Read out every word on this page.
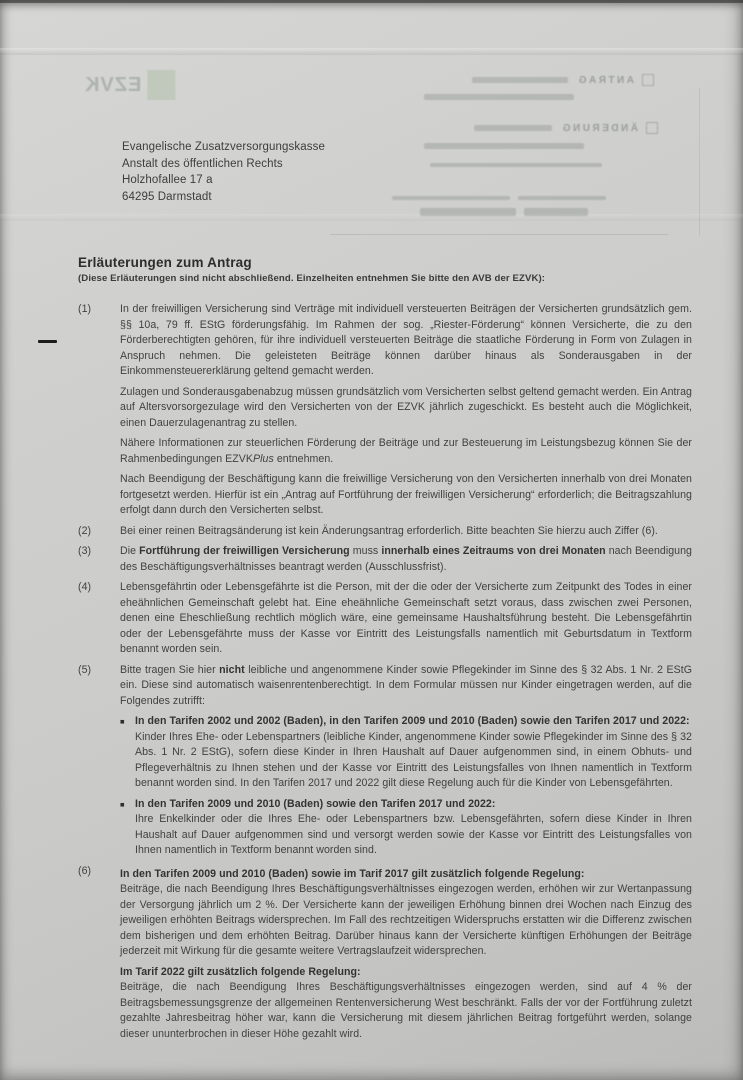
EZVK	ANTRAG
ÄNDERUNG
Evangelische Zusatzversorgungskasse
Anstalt des öffentlichen Rechts
Holzhofallee 17 a
64295 Darmstadt
Erläuterungen zum Antrag
(Diese Erläuterungen sind nicht abschließend. Einzelheiten entnehmen Sie bitte den AVB der EZVK):
(1)	In der freiwilligen Versicherung sind Verträge mit individuell versteuerten Beiträgen der Versicherten grundsätzlich gem. §§ 10a, 79 ff. EStG förderungsfähig. Im Rahmen der sog. „Riester-Förderung“ können Versicherte, die zu den Förderberechtigten gehören, für ihre individuell versteuerten Beiträge die staatliche Förderung in Form von Zulagen in Anspruch nehmen. Die geleisteten Beiträge können darüber hinaus als Sonderausgaben in der Einkommensteuererklärung geltend gemacht werden.

Zulagen und Sonderausgabenabzug müssen grundsätzlich vom Versicherten selbst geltend gemacht werden. Ein Antrag auf Altersvorsorgezulage wird den Versicherten von der EZVK jährlich zugeschickt. Es besteht auch die Möglichkeit, einen Dauerzulagenantrag zu stellen.

Nähere Informationen zur steuerlichen Förderung der Beiträge und zur Besteuerung im Leistungsbezug können Sie der Rahmenbedingungen EZVKPlus entnehmen.

Nach Beendigung der Beschäftigung kann die freiwillige Versicherung von den Versicherten innerhalb von drei Monaten fortgesetzt werden. Hierfür ist ein „Antrag auf Fortführung der freiwilligen Versicherung“ erforderlich; die Beitragszahlung erfolgt dann durch den Versicherten selbst.

(2)	Bei einer reinen Beitragsänderung ist kein Änderungsantrag erforderlich. Bitte beachten Sie hierzu auch Ziffer (6).

(3)	Die Fortführung der freiwilligen Versicherung muss innerhalb eines Zeitraums von drei Monaten nach Beendigung des Beschäftigungsverhältnisses beantragt werden (Ausschlussfrist).

(4)	Lebensgefährtin oder Lebensgefährte ist die Person, mit der die oder der Versicherte zum Zeitpunkt des Todes in einer eheähnlichen Gemeinschaft gelebt hat. Eine eheähnliche Gemeinschaft setzt voraus, dass zwischen zwei Personen, denen eine Eheschließung rechtlich möglich wäre, eine gemeinsame Haushaltsführung besteht. Die Lebensgefährtin oder der Lebensgefährte muss der Kasse vor Eintritt des Leistungsfalls namentlich mit Geburtsdatum in Textform benannt worden sein.

(5)	Bitte tragen Sie hier nicht leibliche und angenommene Kinder sowie Pflegekinder im Sinne des § 32 Abs. 1 Nr. 2 EStG ein. Diese sind automatisch waisenrentenberechtigt. In dem Formular müssen nur Kinder eingetragen werden, auf die Folgendes zutrifft:

■ In den Tarifen 2002 und 2002 (Baden), in den Tarifen 2009 und 2010 (Baden) sowie den Tarifen 2017 und 2022:

Kinder Ihres Ehe- oder Lebenspartners (leibliche Kinder, angenommene Kinder sowie Pflegekinder im Sinne des § 32 Abs. 1 Nr. 2 EStG), sofern diese Kinder in Ihren Haushalt auf Dauer aufgenommen sind, in einem Obhuts- und Pflegeverhältnis zu Ihnen stehen und der Kasse vor Eintritt des Leistungsfalles von Ihnen namentlich in Textform benannt worden sind. In den Tarifen 2017 und 2022 gilt diese Regelung auch für die Kinder von Lebensgefährten.

■ In den Tarifen 2009 und 2010 (Baden) sowie den Tarifen 2017 und 2022:

Ihre Enkelkinder oder die Ihres Ehe- oder Lebenspartners bzw. Lebensgefährten, sofern diese Kinder in Ihren Haushalt auf Dauer aufgenommen sind und versorgt werden sowie der Kasse vor Eintritt des Leistungsfalles von Ihnen namentlich in Textform benannt worden sind.

(6)	In den Tarifen 2009 und 2010 (Baden) sowie im Tarif 2017 gilt zusätzlich folgende Regelung:

Beiträge, die nach Beendigung Ihres Beschäftigungsverhältnisses eingezogen werden, erhöhen wir zur Wertanpassung der Versorgung jährlich um 2 %. Der Versicherte kann der jeweiligen Erhöhung binnen drei Wochen nach Einzug des jeweiligen erhöhten Beitrags widersprechen. Im Fall des rechtzeitigen Widerspruchs erstatten wir die Differenz zwischen dem bisherigen und dem erhöhten Beitrag. Darüber hinaus kann der Versicherte künftigen Erhöhungen der Beiträge jederzeit mit Wirkung für die gesamte weitere Vertragslaufzeit widersprechen.

Im Tarif 2022 gilt zusätzlich folgende Regelung:

Beiträge, die nach Beendigung Ihres Beschäftigungsverhältnisses eingezogen werden, sind auf 4 % der Beitragsbemessungsgrenze der allgemeinen Rentenversicherung West beschränkt. Falls der vor der Fortführung zuletzt gezahlte Jahresbeitrag höher war, kann die Versicherung mit diesem jährlichen Beitrag fortgeführt werden, solange dieser ununterbrochen in dieser Höhe gezahlt wird.
